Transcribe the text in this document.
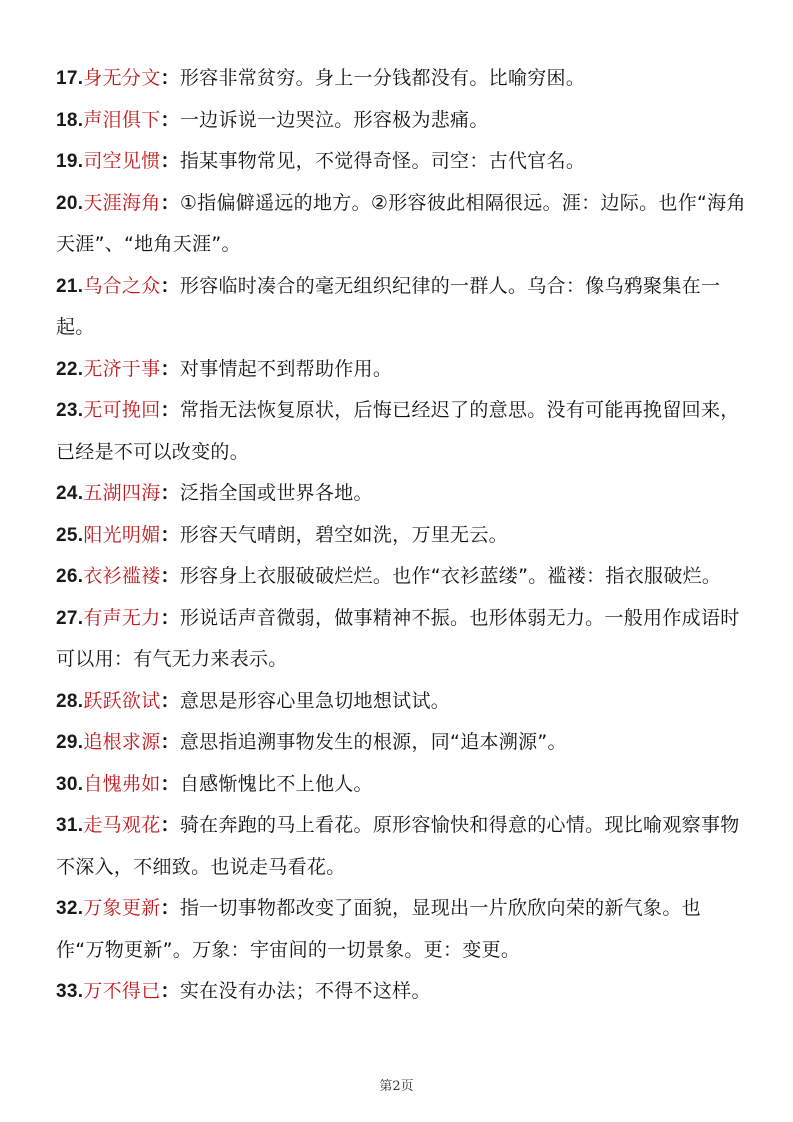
17.身无分文：形容非常贫穷。身上一分钱都没有。比喻穷困。

18.声泪俱下：一边诉说一边哭泣。形容极为悲痛。

19.司空见惯：指某事物常见，不觉得奇怪。司空：古代官名。

20.天涯海角：①指偏僻遥远的地方。②形容彼此相隔很远。涯：边际。也作“海角天涯”、“地角天涯”。

21.乌合之众：形容临时凑合的毫无组织纪律的一群人。乌合：像乌鸦聚集在一起。

22.无济于事：对事情起不到帮助作用。

23.无可挽回：常指无法恢复原状，后悔已经迟了的意思。没有可能再挽留回来，已经是不可以改变的。

24.五湖四海：泛指全国或世界各地。

25.阳光明媚：形容天气晴朗，碧空如洗，万里无云。

26.衣衫褴褛：形容身上衣服破破烂烂。也作“衣衫蓝缕”。褴褛：指衣服破烂。

27.有声无力：形说话声音微弱，做事精神不振。也形体弱无力。一般用作成语时可以用：有气无力来表示。

28.跃跃欲试：意思是形容心里急切地想试试。

29.追根求源：意思指追溯事物发生的根源，同“追本溯源”。

30.自愧弗如：自感惭愧比不上他人。

31.走马观花：骑在奔跑的马上看花。原形容愉快和得意的心情。现比喻观察事物不深入，不细致。也说走马看花。

32.万象更新：指一切事物都改变了面貌，显现出一片欣欣向荣的新气象。也作“万物更新”。万象：宇宙间的一切景象。更：变更。

33.万不得已：实在没有办法；不得不这样。

第2页
